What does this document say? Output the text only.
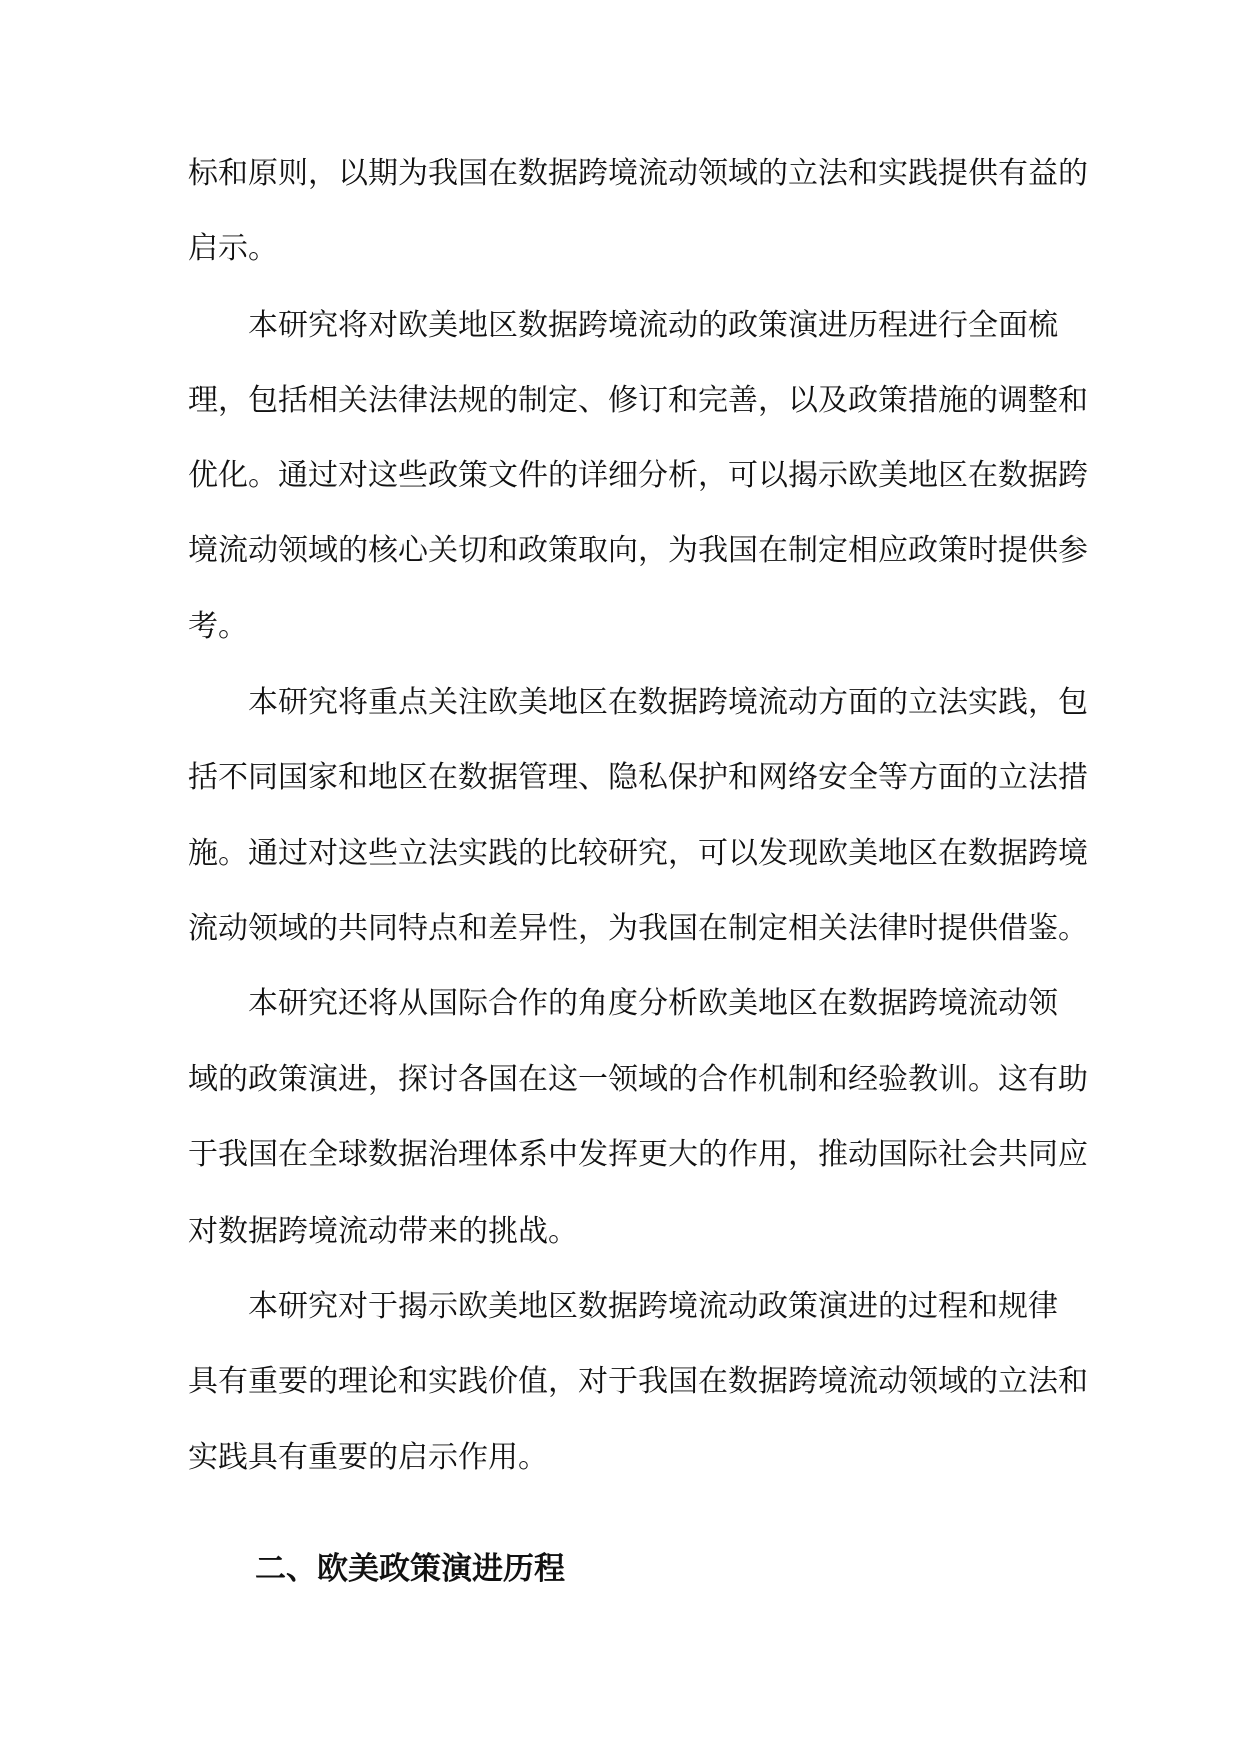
标和原则，以期为我国在数据跨境流动领域的立法和实践提供有益的
启示。
本研究将对欧美地区数据跨境流动的政策演进历程进行全面梳
理，包括相关法律法规的制定、修订和完善，以及政策措施的调整和
优化。通过对这些政策文件的详细分析，可以揭示欧美地区在数据跨
境流动领域的核心关切和政策取向，为我国在制定相应政策时提供参
考。
本研究将重点关注欧美地区在数据跨境流动方面的立法实践，包
括不同国家和地区在数据管理、隐私保护和网络安全等方面的立法措
施。通过对这些立法实践的比较研究，可以发现欧美地区在数据跨境
流动领域的共同特点和差异性，为我国在制定相关法律时提供借鉴。
本研究还将从国际合作的角度分析欧美地区在数据跨境流动领
域的政策演进，探讨各国在这一领域的合作机制和经验教训。这有助
于我国在全球数据治理体系中发挥更大的作用，推动国际社会共同应
对数据跨境流动带来的挑战。
本研究对于揭示欧美地区数据跨境流动政策演进的过程和规律
具有重要的理论和实践价值，对于我国在数据跨境流动领域的立法和
实践具有重要的启示作用。
二、欧美政策演进历程
